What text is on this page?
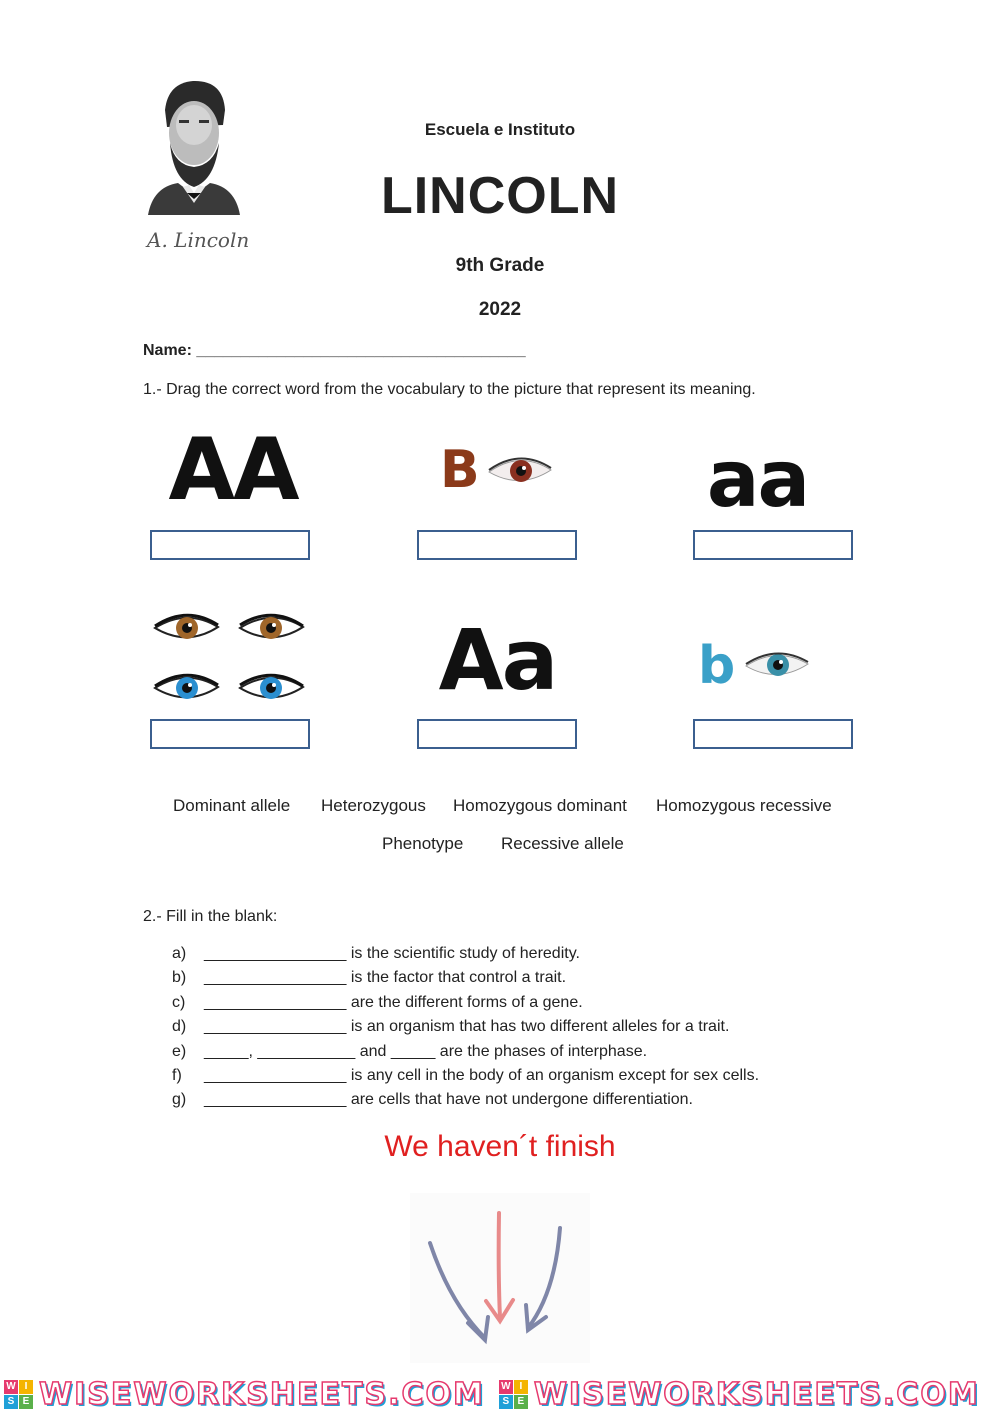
A. Lincoln
Escuela e Instituto
LINCOLN
9th Grade
2022
Name: _____________________________________
1.- Drag the correct word from the vocabulary to the picture that represent its meaning.
AA	B	aa
Aa	b
Dominant allele Heterozygous Homozygous dominant Homozygous recessive
Phenotype Recessive allele
2.- Fill in the blank:
a)	________________ is the scientific study of heredity.
b)	________________ is the factor that control a trait.
c)	________________ are the different forms of a gene.
d)	________________ is an organism that has two different alleles for a trait.
e)	_____, ___________ and _____ are the phases of interphase.
f)	________________ is any cell in the body of an organism except for sex cells.
g)	________________ are cells that have not undergone differentiation.
We haven´t finish
W I
S E WISEWORKSHEETS.COM W I
S E WISEWORKSHEETS.COM
